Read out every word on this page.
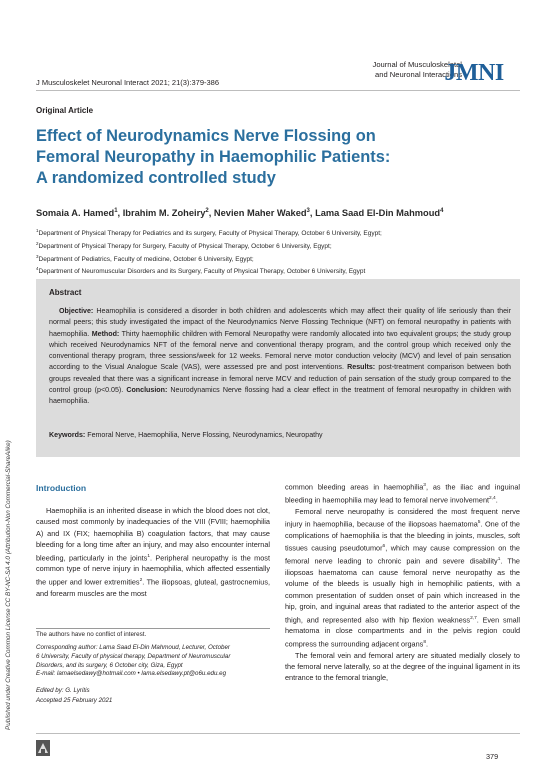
Published under Creative Common License CC BY-NC-SA 4.0 (Attribution-Non Commercial-ShareAlike)
J Musculoskelet Neuronal Interact 2021; 21(3):379-386
Journal of Musculoskeletal
and Neuronal Interactions
JMNI
Original Article
Effect of Neurodynamics Nerve Flossing on
Femoral Neuropathy in Haemophilic Patients:
A randomized controlled study
Somaia A. Hamed$^1$, Ibrahim M. Zoheiry$^2$, Nevien Maher Waked$^3$, Lama Saad El-Din Mahmoud$^4$
$^1$Department of Physical Therapy for Pediatrics and its surgery, Faculty of Physical Therapy, October 6 University, Egypt;
$^2$Department of Physical Therapy for Surgery, Faculty of Physical Therapy, October 6 University, Egypt;
$^3$Department of Pediatrics, Faculty of medicine, October 6 University, Egypt;
$^4$Department of Neuromuscular Disorders and its Surgery, Faculty of Physical Therapy, October 6 University, Egypt
Abstract
Objective: Heamophilia is considered a disorder in both children and adolescents which may affect their quality of life seriously than their normal peers; this study investigated the impact of the Neurodynamics Nerve Flossing Technique (NFT) on femoral neuropathy in patients with haemophilia. Method: Thirty haemophilic children with Femoral Neuropathy were randomly allocated into two equivalent groups; the study group which received Neurodynamics NFT of the femoral nerve and conventional therapy program, and the control group which received only the conventional therapy program, three sessions/week for 12 weeks. Femoral nerve motor conduction velocity (MCV) and level of pain sensation according to the Visual Analogue Scale (VAS), were assessed pre and post interventions. Results: post-treatment comparison between both groups revealed that there was a significant increase in femoral nerve MCV and reduction of pain sensation of the study group compared to the control group (p<0.05). Conclusion: Neurodynamics Nerve flossing had a clear effect in the treatment of femoral neuropathy in children with haemophilia.
Keywords: Femoral Nerve, Haemophilia, Nerve Flossing, Neurodynamics, Neuropathy
Introduction

Haemophilia is an inherited disease in which the blood does not clot, caused most commonly by inadequacies of the VIII (FVIII; haemophilia A) and IX (FIX; haemophilia B) coagulation factors, that may cause bleeding for a long time after an injury, and may also encounter internal bleeding, particularly in the joints$^1$. Peripheral neuropathy is the most common type of nerve injury in haemophilia, which affected essentially the upper and lower extremities$^2$. The iliopsoas, gluteal, gastrocnemius, and forearm muscles are the most

common bleeding areas in haemophilia$^3$, as the iliac and inguinal bleeding in haemophilia may lead to femoral nerve involvement$^{2,4}$.

Femoral nerve neuropathy is considered the most frequent nerve injury in haemophilia, because of the iliopsoas haematoma$^5$. One of the complications of haemophilia is that the bleeding in joints, muscles, soft tissues causing pseudotumor$^6$, which may cause compression on the femoral nerve leading to chronic pain and severe disability$^1$. The iliopsoas haematoma can cause femoral nerve neuropathy as the volume of the bleeds is usually high in hemophilic patients, with a common presentation of sudden onset of pain which increased in the hip, groin, and inguinal areas that radiated to the anterior aspect of the thigh, and represented also with hip flexion weakness$^{2,7}$. Even small hematoma in close compartments and in the pelvis region could compress the surrounding adjacent organs$^8$.

The femoral vein and femoral artery are situated medially closely to the femoral nerve laterally, so at the degree of the inguinal ligament in its entrance to the femoral triangle,

The authors have no conflict of interest.
Corresponding author: Lama Saad El-Din Mahmoud, Lecturer, October
6 University, Faculty of physical therapy, Department of Neuromuscular
Disorders, and its surgery, 6 October city, Giza, Egypt
E-mail: lamaelsedawy@hotmail.com • lama.elsedawy.pt@o6u.edu.eg
Edited by: G. Lyritis
Accepted 25 February 2021
379
